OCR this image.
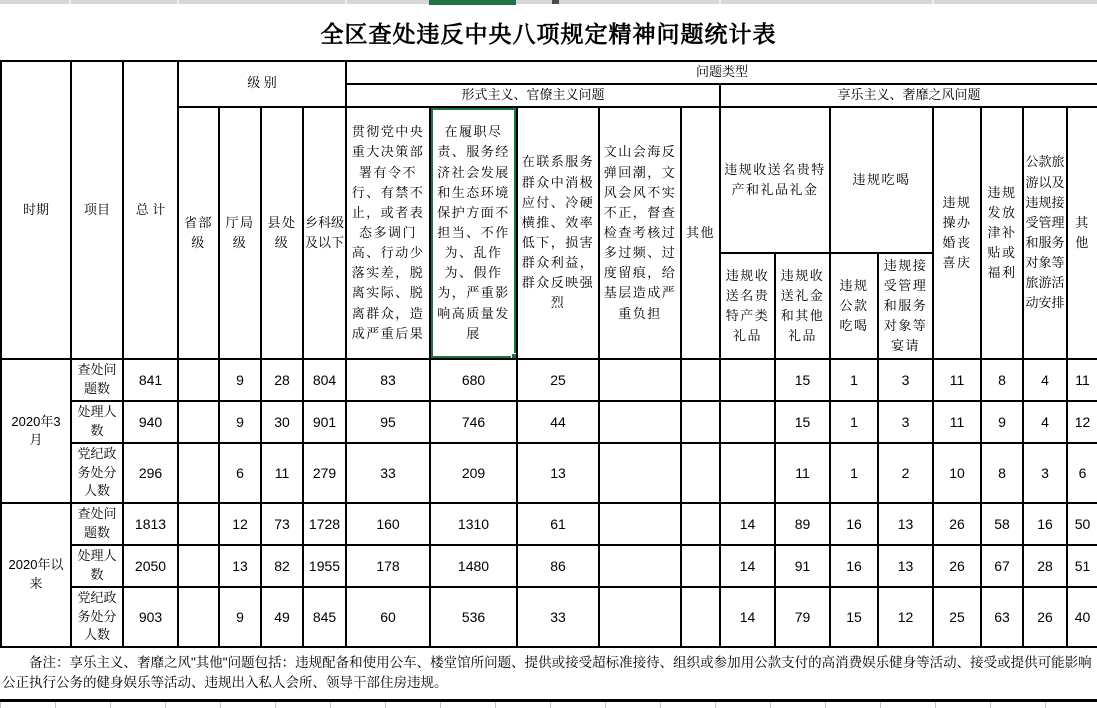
全区查处违反中央八项规定精神问题统计表
时期	项目	总 计	级 别				问题类型												
							形式主义、官僚主义问题					享乐主义、奢靡之风问题							
			省部级	厅局级	县处级	乡科级及以下	贯彻党中央重大决策部署有令不行、有禁不止，或者表态多调门高、行动少落实差，脱离实际、脱离群众，造成严重后果	在履职尽责、服务经济社会发展和生态环境保护方面不担当、不作为、乱作为、假作为，严重影响高质量发展	在联系服务群众中消极应付、冷硬横推、效率低下，损害群众利益，群众反映强烈	文山会海反弹回潮，文风会风不实不正，督查检查考核过多过频、过度留痕，给基层造成严重负担	其他	违规收送名贵特产和礼品礼金		违规吃喝		违规操办婚丧喜庆	违规发放津补贴或福利	公款旅游以及违规接受管理和服务对象等旅游活动安排	其他
												违规收送名贵特产类礼品	违规收送礼金和其他礼品	违规公款吃喝	违规接受管理和服务对象等宴请				
2020年3月	查处问题数	841		9	28	804	83	680	25				15	1	3	11	8	4	11
	处理人数	940		9	30	901	95	746	44				15	1	3	11	9	4	12
	党纪政务处分人数	296		6	11	279	33	209	13				11	1	2	10	8	3	6
2020年以来	查处问题数	1813		12	73	1728	160	1310	61			14	89	16	13	26	58	16	50
	处理人数	2050		13	82	1955	178	1480	86			14	91	16	13	26	67	28	51
	党纪政务处分人数	903		9	49	845	60	536	33			14	79	15	12	25	63	26	40
备注：享乐主义、奢靡之风"其他"问题包括：违规配备和使用公车、楼堂馆所问题、提供或接受超标准接待、组织或参加用公款支付的高消费娱乐健身等活动、接受或提供可能影响公正执行公务的健身娱乐等活动、违规出入私人会所、领导干部住房违规。
